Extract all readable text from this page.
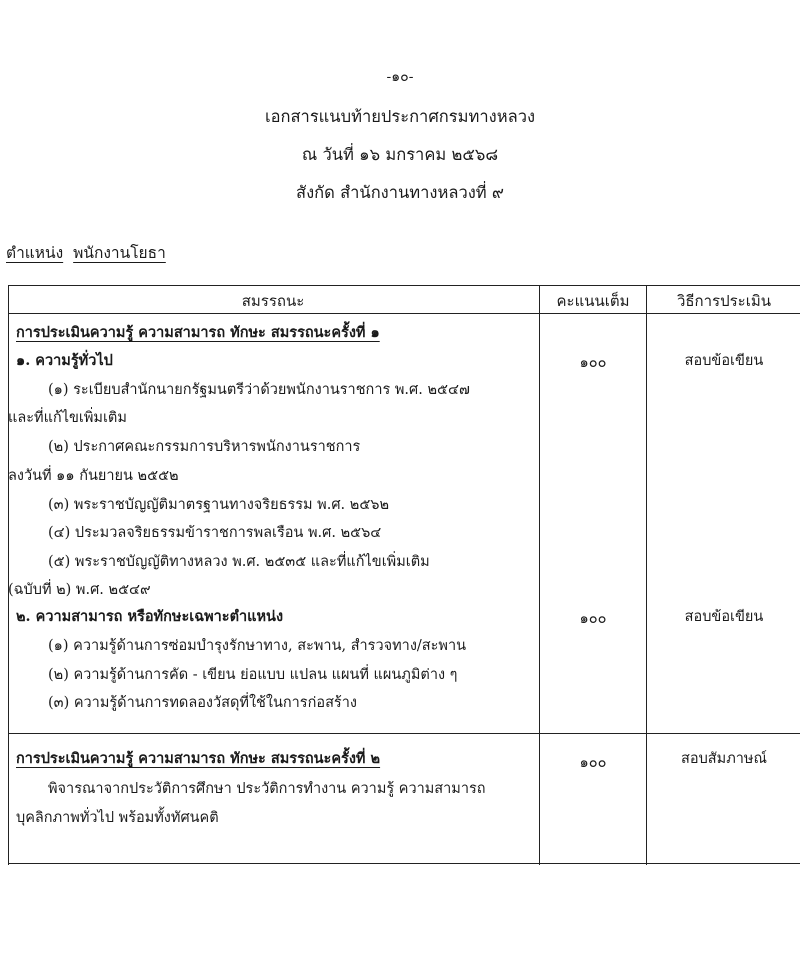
-๑๐-
เอกสารแนบท้ายประกาศกรมทางหลวง
ณ วันที่ ๑๖ มกราคม ๒๕๖๘
สังกัด สำนักงานทางหลวงที่ ๙
ตำแหน่ง พนักงานโยธา
สมรรถนะ	คะแนนเต็ม	วิธีการประเมิน
การประเมินความรู้ ความสามารถ ทักษะ สมรรถนะครั้งที่ ๑
๑. ความรู้ทั่วไป	๑๐๐	สอบข้อเขียน
(๑) ระเบียบสำนักนายกรัฐมนตรีว่าด้วยพนักงานราชการ พ.ศ. ๒๕๔๗
และที่แก้ไขเพิ่มเติม
(๒) ประกาศคณะกรรมการบริหารพนักงานราชการ
ลงวันที่ ๑๑ กันยายน ๒๕๕๒
(๓) พระราชบัญญัติมาตรฐานทางจริยธรรม พ.ศ. ๒๕๖๒
(๔) ประมวลจริยธรรมข้าราชการพลเรือน พ.ศ. ๒๕๖๔
(๕) พระราชบัญญัติทางหลวง พ.ศ. ๒๕๓๕ และที่แก้ไขเพิ่มเติม
(ฉบับที่ ๒) พ.ศ. ๒๕๔๙
๒. ความสามารถ หรือทักษะเฉพาะตำแหน่ง	๑๐๐	สอบข้อเขียน
(๑) ความรู้ด้านการซ่อมบำรุงรักษาทาง, สะพาน, สำรวจทาง/สะพาน
(๒) ความรู้ด้านการคัด - เขียน ย่อแบบ แปลน แผนที่ แผนภูมิต่าง ๆ
(๓) ความรู้ด้านการทดลองวัสดุที่ใช้ในการก่อสร้าง
การประเมินความรู้ ความสามารถ ทักษะ สมรรถนะครั้งที่ ๒	๑๐๐	สอบสัมภาษณ์
พิจารณาจากประวัติการศึกษา ประวัติการทำงาน ความรู้ ความสามารถ
บุคลิกภาพทั่วไป พร้อมทั้งทัศนคติ
